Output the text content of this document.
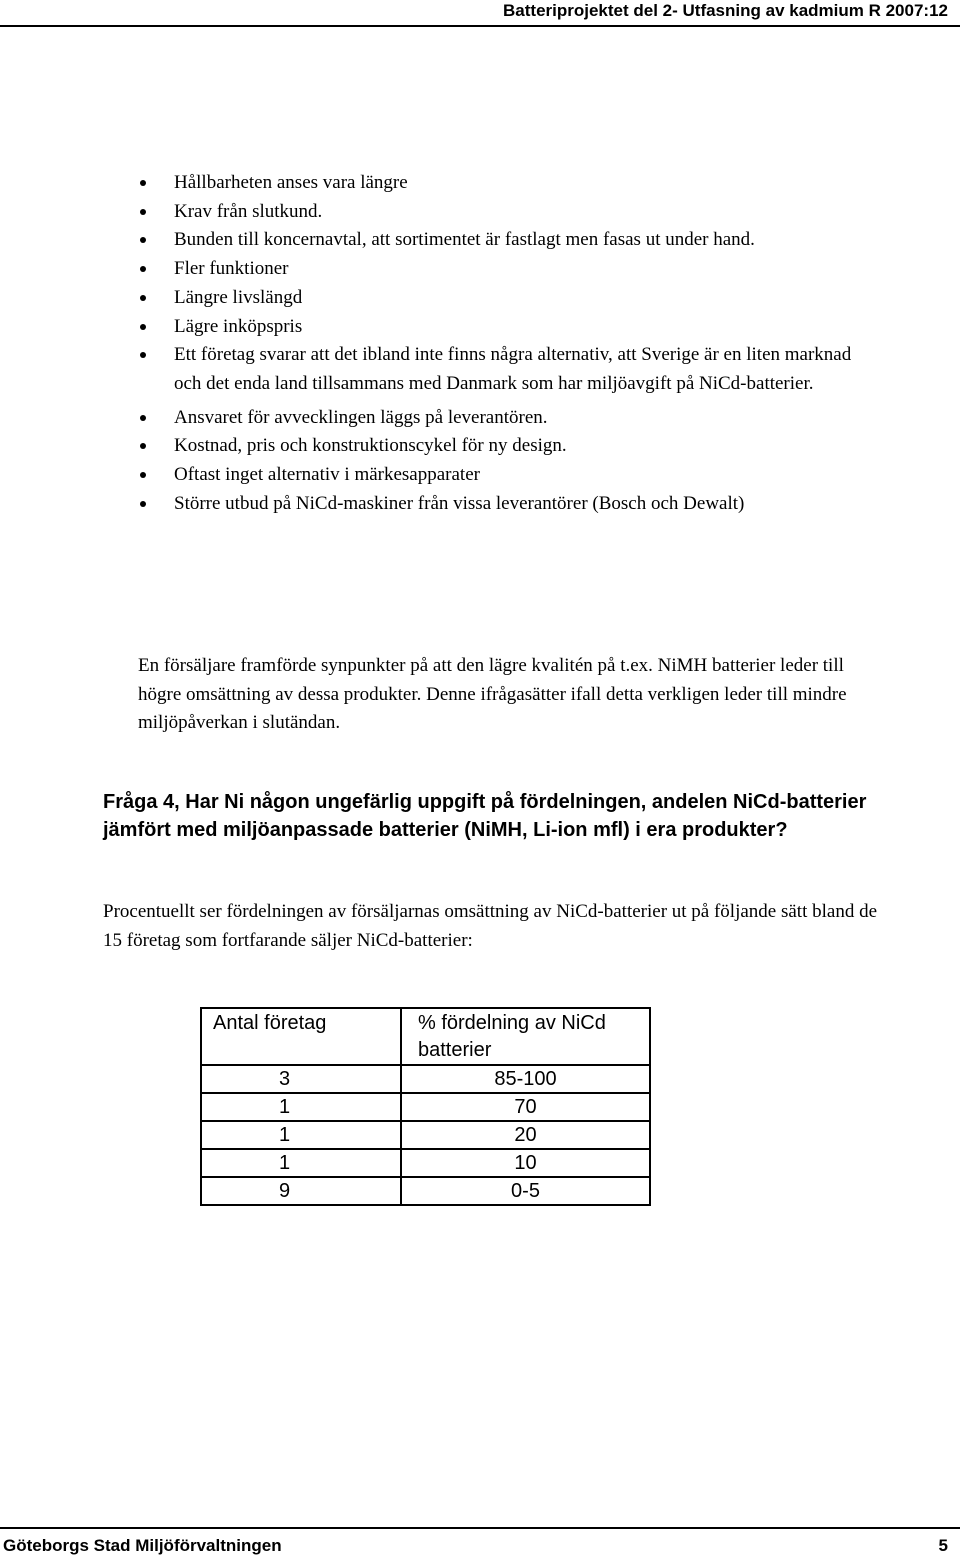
Batteriprojektet del 2- Utfasning av kadmium R 2007:12
Hållbarheten anses vara längre
Krav från slutkund.
Bunden till koncernavtal, att sortimentet är fastlagt men fasas ut under hand.
Fler funktioner
Längre livslängd
Lägre inköpspris
Ett företag svarar att det ibland inte finns några alternativ, att Sverige är en liten marknad och det enda land tillsammans med Danmark som har miljöavgift på NiCd-batterier.
Ansvaret för avvecklingen läggs på leverantören.
Kostnad, pris och konstruktionscykel för ny design.
Oftast inget alternativ i märkesapparater
Större utbud på NiCd-maskiner från vissa leverantörer (Bosch och Dewalt)

En försäljare framförde synpunkter på att den lägre kvalitén på t.ex. NiMH batterier leder till högre omsättning av dessa produkter. Denne ifrågasätter ifall detta verkligen leder till mindre miljöpåverkan i slutändan.

Fråga 4, Har Ni någon ungefärlig uppgift på fördelningen, andelen NiCd-batterier jämfört med miljöanpassade batterier (NiMH, Li-ion mfl) i era produkter?

Procentuellt ser fördelningen av försäljarnas omsättning av NiCd-batterier ut på följande sätt bland de 15 företag som fortfarande säljer NiCd-batterier:

Antal företag	% fördelning av NiCd batterier
3	85-100
1	70
1	20
1	10
9	0-5
Göteborgs Stad Miljöförvaltningen	5
